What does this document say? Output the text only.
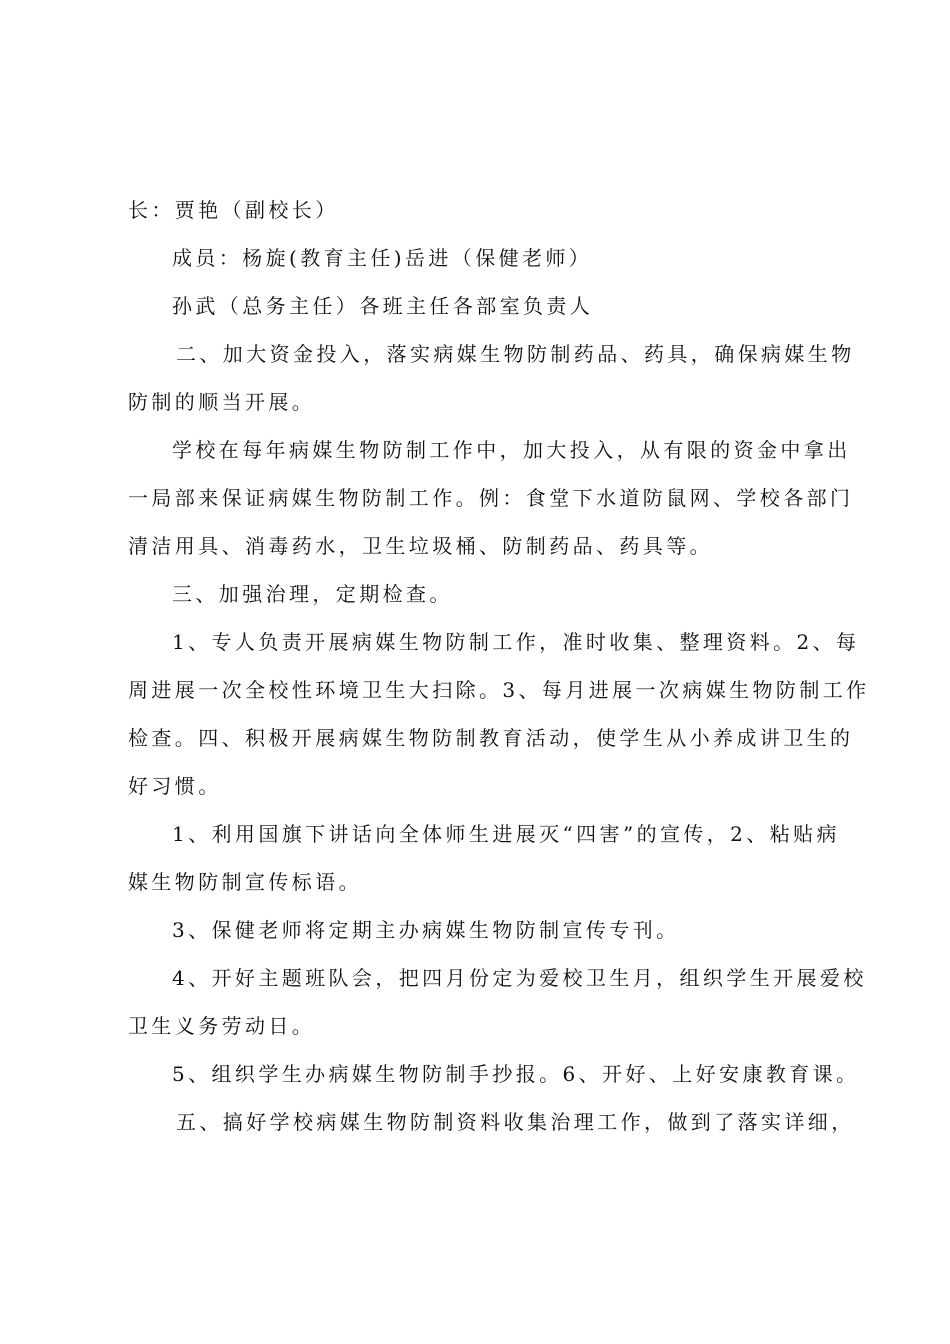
长：贾艳（副校长）

成员：杨旋(教育主任)岳进（保健老师）

孙武（总务主任）各班主任各部室负责人

二、加大资金投入，落实病媒生物防制药品、药具，确保病媒生物

防制的顺当开展。

学校在每年病媒生物防制工作中，加大投入，从有限的资金中拿出

一局部来保证病媒生物防制工作。例：食堂下水道防鼠网、学校各部门

清洁用具、消毒药水，卫生垃圾桶、防制药品、药具等。

三、加强治理，定期检查。

1、专人负责开展病媒生物防制工作，准时收集、整理资料。2、每

周进展一次全校性环境卫生大扫除。3、每月进展一次病媒生物防制工作

检查。四、积极开展病媒生物防制教育活动，使学生从小养成讲卫生的

好习惯。

1、利用国旗下讲话向全体师生进展灭“四害”的宣传，2、粘贴病

媒生物防制宣传标语。

3、保健老师将定期主办病媒生物防制宣传专刊。

4、开好主题班队会，把四月份定为爱校卫生月，组织学生开展爱校

卫生义务劳动日。

5、组织学生办病媒生物防制手抄报。6、开好、上好安康教育课。

五、搞好学校病媒生物防制资料收集治理工作，做到了落实详细，
